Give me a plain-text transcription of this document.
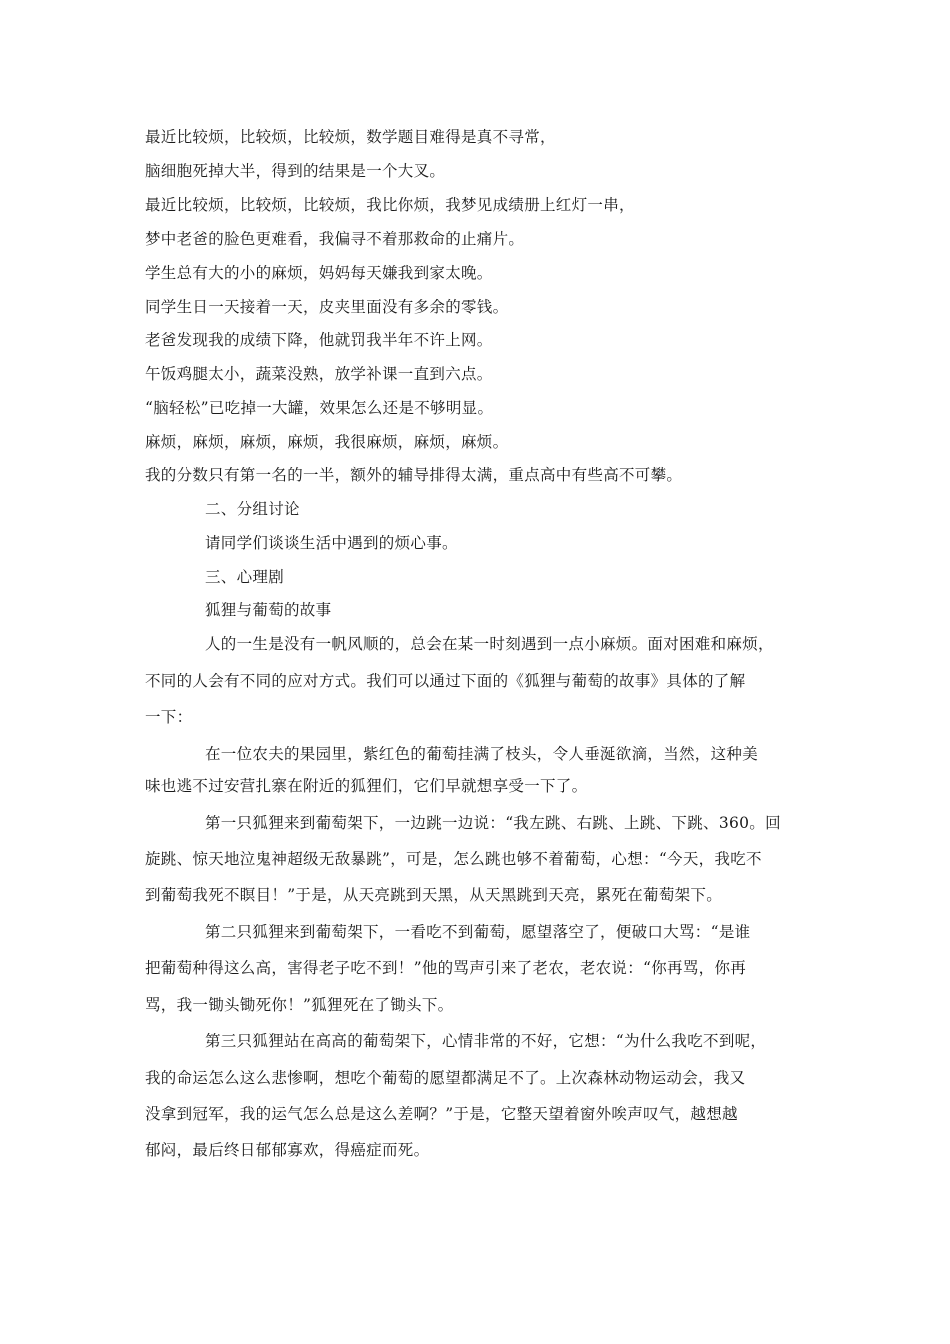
最近比较烦，比较烦，比较烦，数学题目难得是真不寻常，
脑细胞死掉大半，得到的结果是一个大叉。
最近比较烦，比较烦，比较烦，我比你烦，我梦见成绩册上红灯一串，
梦中老爸的脸色更难看，我偏寻不着那救命的止痛片。
学生总有大的小的麻烦，妈妈每天嫌我到家太晚。
同学生日一天接着一天，皮夹里面没有多余的零钱。
老爸发现我的成绩下降，他就罚我半年不许上网。
午饭鸡腿太小，蔬菜没熟，放学补课一直到六点。
“脑轻松”已吃掉一大罐，效果怎么还是不够明显。
麻烦，麻烦，麻烦，麻烦，我很麻烦，麻烦，麻烦。
我的分数只有第一名的一半，额外的辅导排得太满，重点高中有些高不可攀。
二、分组讨论
请同学们谈谈生活中遇到的烦心事。
三、心理剧
狐狸与葡萄的故事
人的一生是没有一帆风顺的，总会在某一时刻遇到一点小麻烦。面对困难和麻烦，
不同的人会有不同的应对方式。我们可以通过下面的《狐狸与葡萄的故事》具体的了解
一下：
在一位农夫的果园里，紫红色的葡萄挂满了枝头，令人垂涎欲滴，当然，这种美
味也逃不过安营扎寨在附近的狐狸们，它们早就想享受一下了。
第一只狐狸来到葡萄架下，一边跳一边说：“我左跳、右跳、上跳、下跳、360。回
旋跳、惊天地泣鬼神超级无敌暴跳”，可是，怎么跳也够不着葡萄，心想：“今天，我吃不
到葡萄我死不瞑目！”于是，从天亮跳到天黑，从天黑跳到天亮，累死在葡萄架下。
第二只狐狸来到葡萄架下，一看吃不到葡萄，愿望落空了，便破口大骂：“是谁
把葡萄种得这么高，害得老子吃不到！”他的骂声引来了老农，老农说：“你再骂，你再
骂，我一锄头锄死你！”狐狸死在了锄头下。
第三只狐狸站在高高的葡萄架下，心情非常的不好，它想：“为什么我吃不到呢，
我的命运怎么这么悲惨啊，想吃个葡萄的愿望都满足不了。上次森林动物运动会，我又
没拿到冠军，我的运气怎么总是这么差啊？”于是，它整天望着窗外唉声叹气，越想越
郁闷，最后终日郁郁寡欢，得癌症而死。
